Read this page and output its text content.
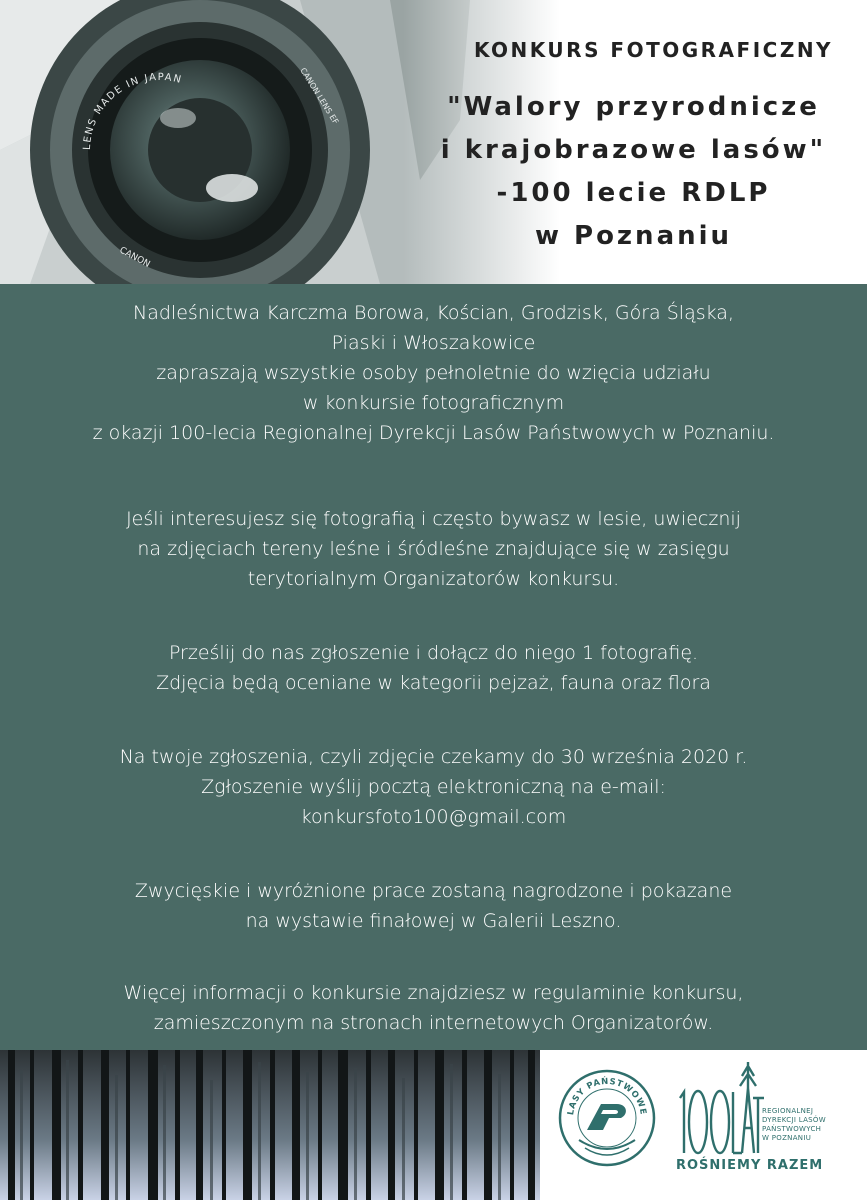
KONKURS FOTOGRAFICZNY
"Walory przyrodnicze
i krajobrazowe lasów"
-100 lecie RDLP
w Poznaniu
Nadleśnictwa Karczma Borowa, Kościan, Grodzisk, Góra Śląska,
Piaski i Włoszakowice
zapraszają wszystkie osoby pełnoletnie do wzięcia udziału
w konkursie fotograficznym
z okazji 100-lecia Regionalnej Dyrekcji Lasów Państwowych w Poznaniu.
Jeśli interesujesz się fotografią i często bywasz w lesie, uwiecznij
na zdjęciach tereny leśne i śródleśne znajdujące się w zasięgu
terytorialnym Organizatorów konkursu.
Prześlij do nas zgłoszenie i dołącz do niego 1 fotografię.
Zdjęcia będą oceniane w kategorii pejzaż, fauna oraz flora
Na twoje zgłoszenia, czyli zdjęcie czekamy do 30 września 2020 r.
Zgłoszenie wyślij pocztą elektroniczną na e-mail:
konkursfoto100@gmail.com
Zwycięskie i wyróżnione prace zostaną nagrodzone i pokazane
na wystawie finałowej w Galerii Leszno.
Więcej informacji o konkursie znajdziesz w regulaminie konkursu,
zamieszczonym na stronach internetowych Organizatorów.
LASY PAŃSTWOWE
100 LAT
REGIONALNEJ
DYREKCJI LASÓW
PAŃSTWOWYCH
W POZNANIU
ROŚNIEMY RAZEM
